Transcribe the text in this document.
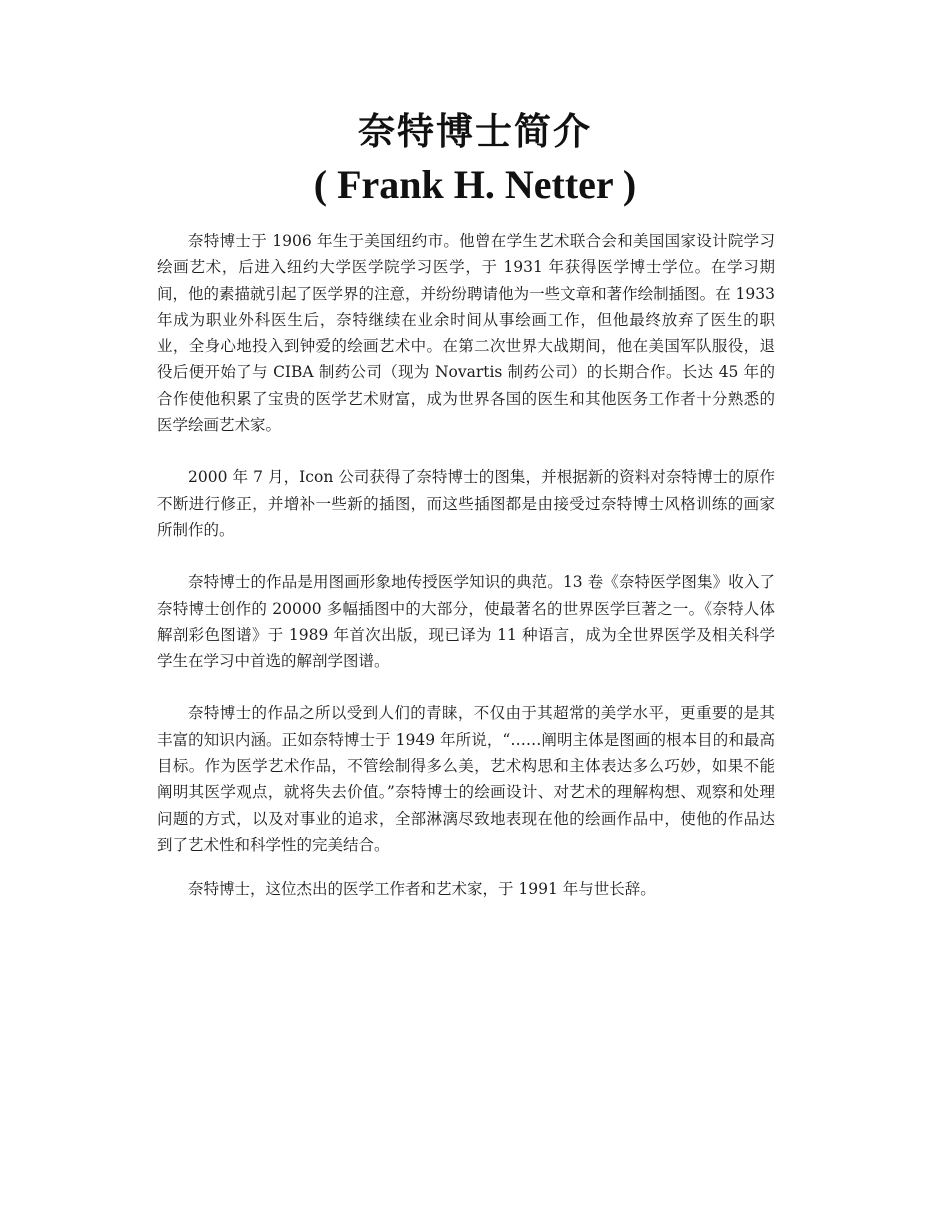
奈特博士简介
( Frank H. Netter )

奈特博士于 1906 年生于美国纽约市。他曾在学生艺术联合会和美国国家设计院学习绘画艺术，后进入纽约大学医学院学习医学，于 1931 年获得医学博士学位。在学习期间，他的素描就引起了医学界的注意，并纷纷聘请他为一些文章和著作绘制插图。在 1933 年成为职业外科医生后，奈特继续在业余时间从事绘画工作，但他最终放弃了医生的职业，全身心地投入到钟爱的绘画艺术中。在第二次世界大战期间，他在美国军队服役，退役后便开始了与 CIBA 制药公司（现为 Novartis 制药公司）的长期合作。长达 45 年的合作使他积累了宝贵的医学艺术财富，成为世界各国的医生和其他医务工作者十分熟悉的医学绘画艺术家。

2000 年 7 月，Icon 公司获得了奈特博士的图集，并根据新的资料对奈特博士的原作不断进行修正，并增补一些新的插图，而这些插图都是由接受过奈特博士风格训练的画家所制作的。

奈特博士的作品是用图画形象地传授医学知识的典范。13 卷《奈特医学图集》收入了奈特博士创作的 20000 多幅插图中的大部分，使最著名的世界医学巨著之一。《奈特人体解剖彩色图谱》于 1989 年首次出版，现已译为 11 种语言，成为全世界医学及相关科学学生在学习中首选的解剖学图谱。

奈特博士的作品之所以受到人们的青睐，不仅由于其超常的美学水平，更重要的是其丰富的知识内涵。正如奈特博士于 1949 年所说，“……阐明主体是图画的根本目的和最高目标。作为医学艺术作品，不管绘制得多么美，艺术构思和主体表达多么巧妙，如果不能阐明其医学观点，就将失去价值。”奈特博士的绘画设计、对艺术的理解构想、观察和处理问题的方式，以及对事业的追求，全部淋漓尽致地表现在他的绘画作品中，使他的作品达到了艺术性和科学性的完美结合。

奈特博士，这位杰出的医学工作者和艺术家，于 1991 年与世长辞。
